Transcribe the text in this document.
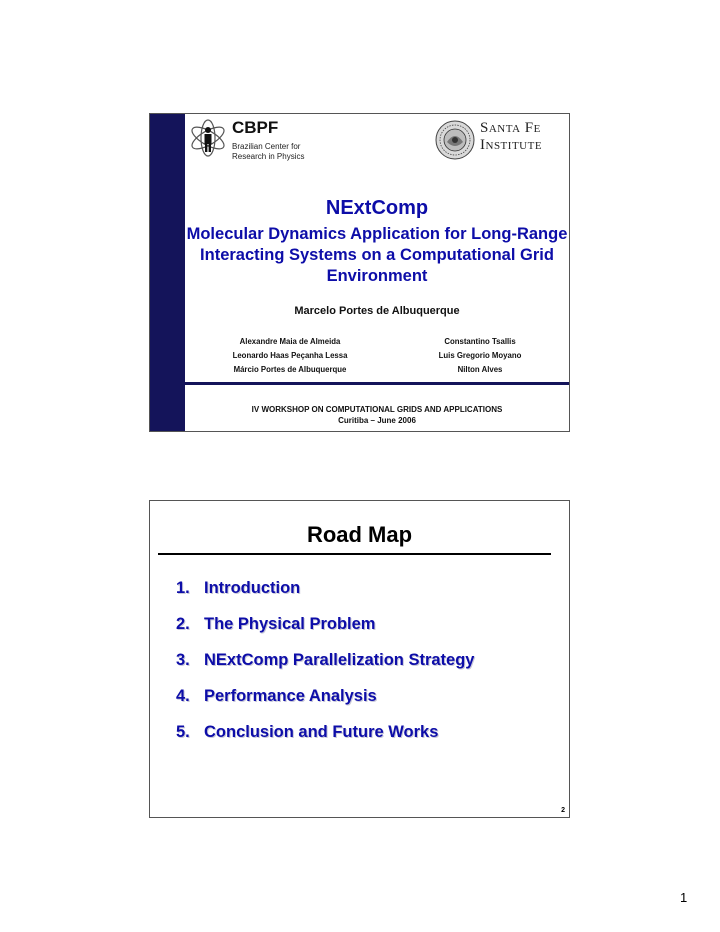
CBPF
Brazilian Center for Research in Physics
Santa Fe
Institute
NExtComp
Molecular Dynamics Application for Long-Range Interacting Systems on a Computational Grid Environment
Marcelo Portes de Albuquerque
Alexandre Maia de Almeida	Constantino Tsallis
Leonardo Haas Peçanha Lessa	Luis Gregorio Moyano
Márcio Portes de Albuquerque	Nilton Alves
IV WORKSHOP ON COMPUTATIONAL GRIDS AND APPLICATIONS
Curitiba – June 2006
Road Map
1. Introduction
2. The Physical Problem
3. NExtComp Parallelization Strategy
4. Performance Analysis
5. Conclusion and Future Works
2
1
